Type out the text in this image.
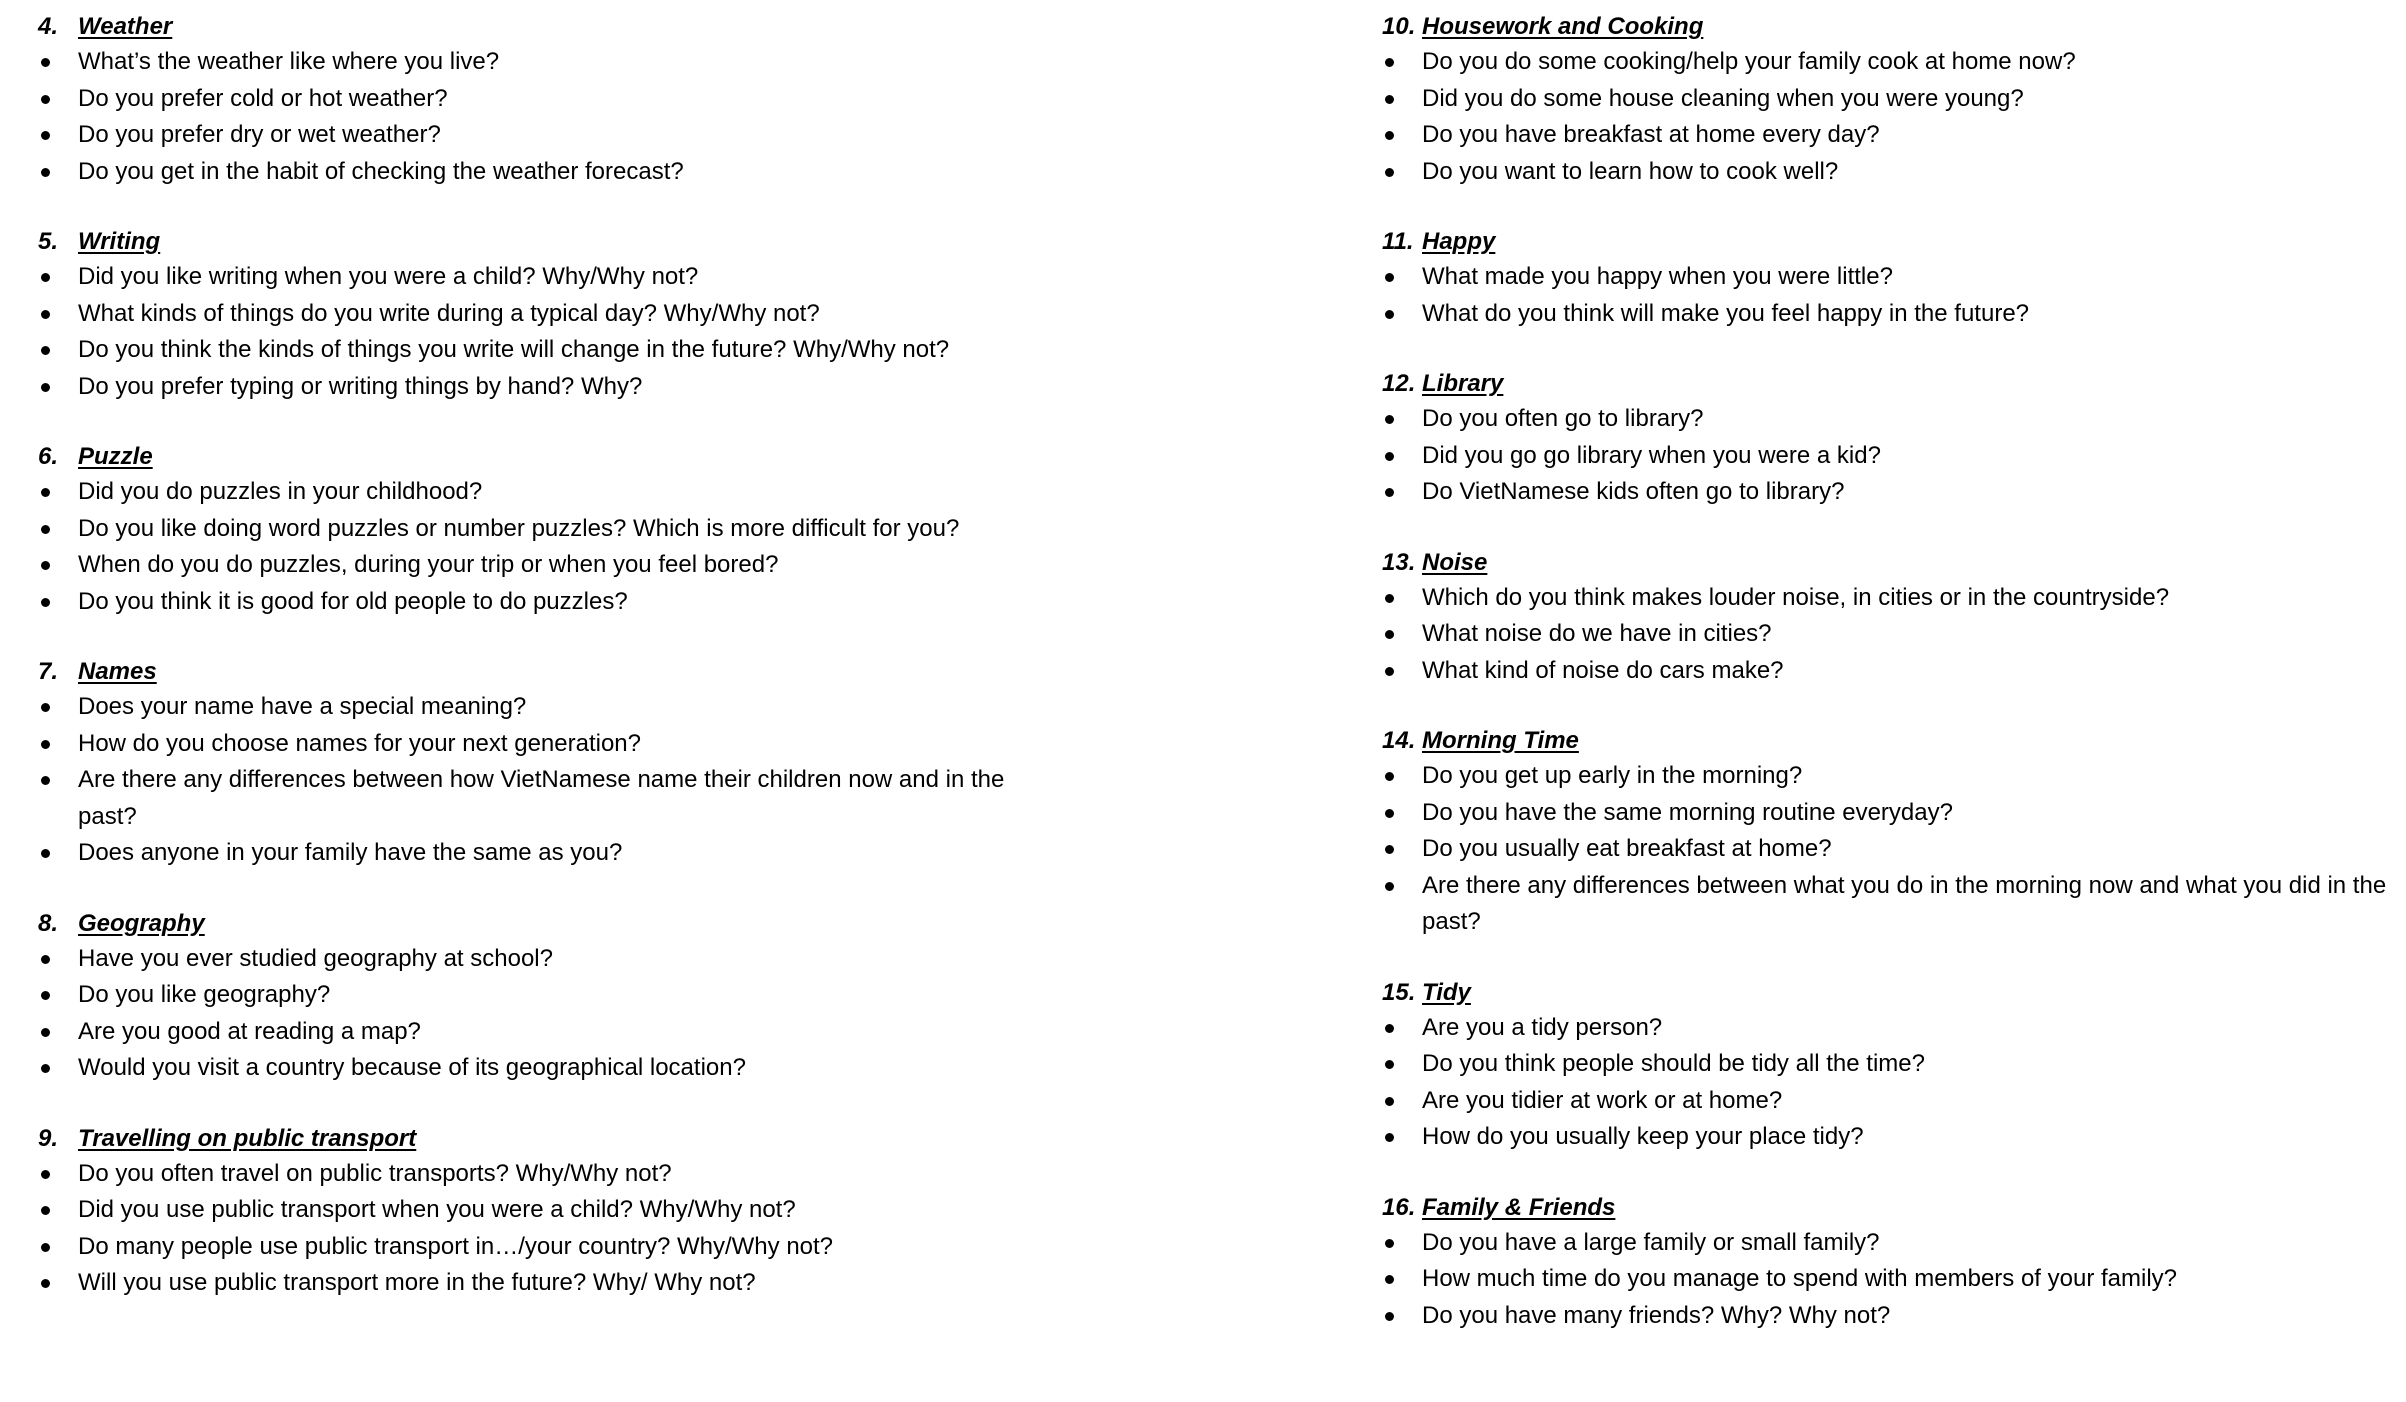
4. Weather
What’s the weather like where you live?
Do you prefer cold or hot weather?
Do you prefer dry or wet weather?
Do you get in the habit of checking the weather forecast?
5. Writing
Did you like writing when you were a child? Why/Why not?
What kinds of things do you write during a typical day? Why/Why not?
Do you think the kinds of things you write will change in the future? Why/Why not?
Do you prefer typing or writing things by hand? Why?
6. Puzzle
Did you do puzzles in your childhood?
Do you like doing word puzzles or number puzzles? Which is more difficult for you?
When do you do puzzles, during your trip or when you feel bored?
Do you think it is good for old people to do puzzles?
7. Names
Does your name have a special meaning?
How do you choose names for your next generation?
Are there any differences between how VietNamese name their children now and in the past?
Does anyone in your family have the same as you?
8. Geography
Have you ever studied geography at school?
Do you like geography?
Are you good at reading a map?
Would you visit a country because of its geographical location?
9. Travelling on public transport
Do you often travel on public transports? Why/Why not?
Did you use public transport when you were a child? Why/Why not?
Do many people use public transport in…/your country? Why/Why not?
Will you use public transport more in the future? Why/ Why not?
10. Housework and Cooking
Do you do some cooking/help your family cook at home now?
Did you do some house cleaning when you were young?
Do you have breakfast at home every day?
Do you want to learn how to cook well?
11. Happy
What made you happy when you were little?
What do you think will make you feel happy in the future?
12. Library
Do you often go to library?
Did you go go library when you were a kid?
Do VietNamese kids often go to library?
13. Noise
Which do you think makes louder noise, in cities or in the countryside?
What noise do we have in cities?
What kind of noise do cars make?
14. Morning Time
Do you get up early in the morning?
Do you have the same morning routine everyday?
Do you usually eat breakfast at home?
Are there any differences between what you do in the morning now and what you did in the past?
15. Tidy
Are you a tidy person?
Do you think people should be tidy all the time?
Are you tidier at work or at home?
How do you usually keep your place tidy?
16. Family & Friends
Do you have a large family or small family?
How much time do you manage to spend with members of your family?
Do you have many friends? Why? Why not?
